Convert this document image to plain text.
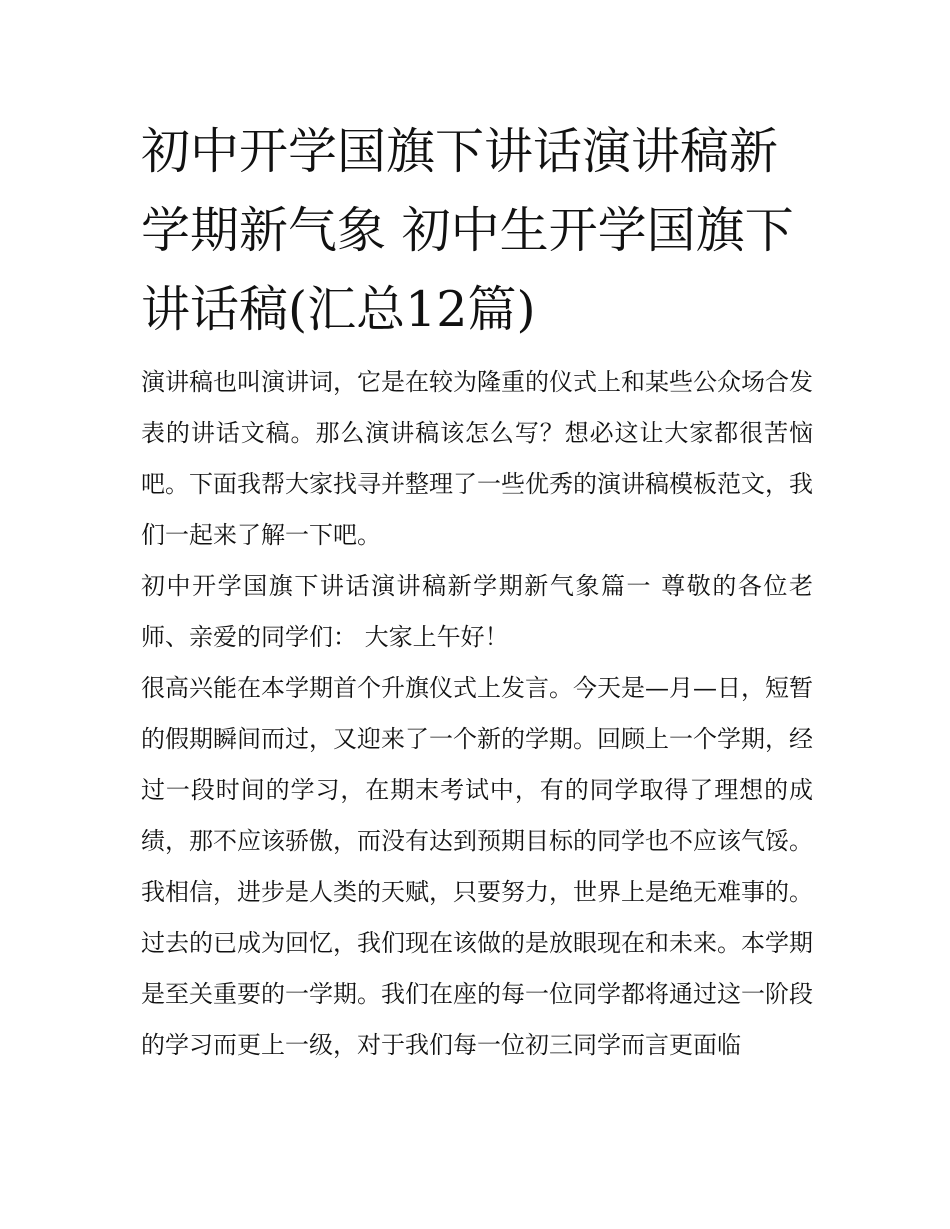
初中开学国旗下讲话演讲稿新学期新气象 初中生开学国旗下讲话稿(汇总12篇)

演讲稿也叫演讲词，它是在较为隆重的仪式上和某些公众场合发表的讲话文稿。那么演讲稿该怎么写？想必这让大家都很苦恼吧。下面我帮大家找寻并整理了一些优秀的演讲稿模板范文，我们一起来了解一下吧。

初中开学国旗下讲话演讲稿新学期新气象篇一 尊敬的各位老师、亲爱的同学们： 大家上午好！

很高兴能在本学期首个升旗仪式上发言。今天是—月—日，短暂的假期瞬间而过，又迎来了一个新的学期。回顾上一个学期，经过一段时间的学习，在期末考试中，有的同学取得了理想的成绩，那不应该骄傲，而没有达到预期目标的同学也不应该气馁。我相信，进步是人类的天赋，只要努力，世界上是绝无难事的。

过去的已成为回忆，我们现在该做的是放眼现在和未来。本学期是至关重要的一学期。我们在座的每一位同学都将通过这一阶段的学习而更上一级，对于我们每一位初三同学而言更面临
